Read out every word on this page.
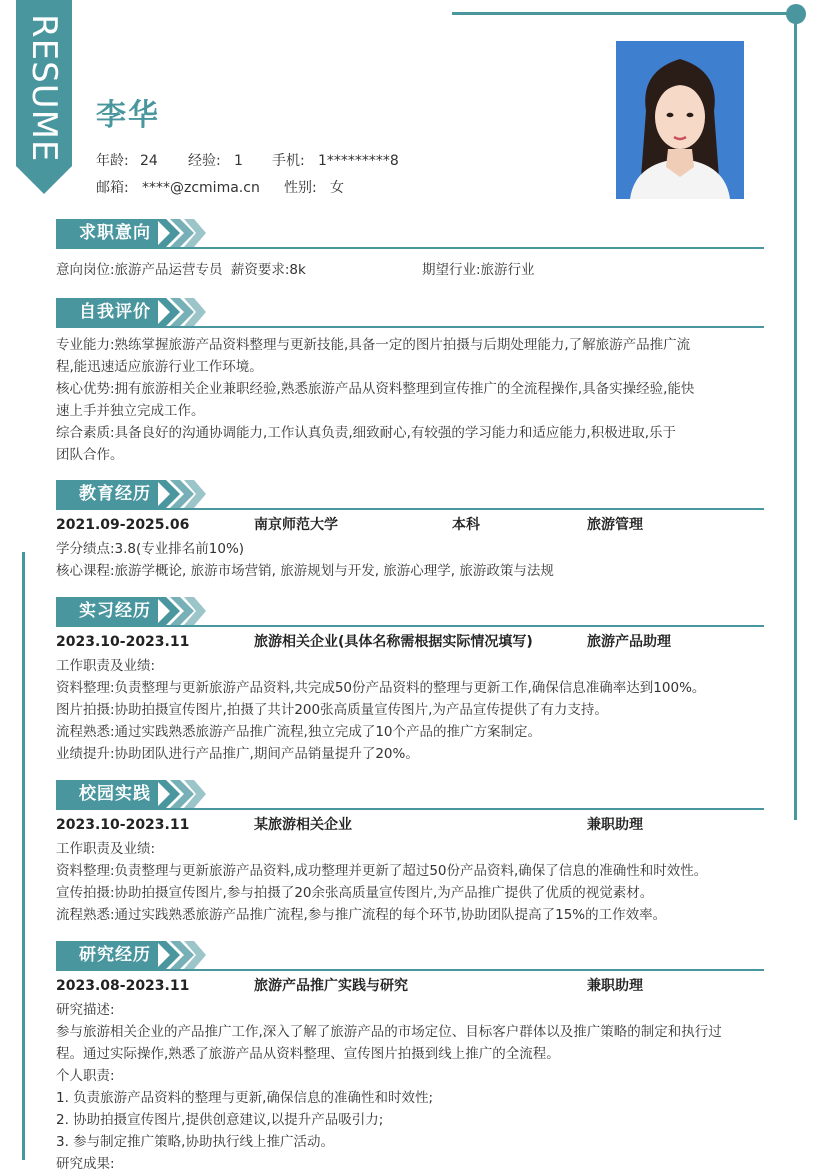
RESUME 李华
年龄: 24 经验: 1 手机: 1*********8
邮箱: ****@zcmima.cn 性别: 女
求职意向
意向岗位:旅游产品运营专员 薪资要求:8k	期望行业:旅游行业
自我评价
专业能力:熟练掌握旅游产品资料整理与更新技能,具备一定的图片拍摄与后期处理能力,了解旅游产品推广流
程,能迅速适应旅游行业工作环境。
核心优势:拥有旅游相关企业兼职经验,熟悉旅游产品从资料整理到宣传推广的全流程操作,具备实操经验,能快
速上手并独立完成工作。
综合素质:具备良好的沟通协调能力,工作认真负责,细致耐心,有较强的学习能力和适应能力,积极进取,乐于
团队合作。
教育经历
2021.09-2025.06	南京师范大学	本科	旅游管理
学分绩点:3.8(专业排名前10%)
核心课程:旅游学概论, 旅游市场营销, 旅游规划与开发, 旅游心理学, 旅游政策与法规
实习经历
2023.10-2023.11	旅游相关企业(具体名称需根据实际情况填写)	旅游产品助理
工作职责及业绩:
资料整理:负责整理与更新旅游产品资料,共完成50份产品资料的整理与更新工作,确保信息准确率达到100%。
图片拍摄:协助拍摄宣传图片,拍摄了共计200张高质量宣传图片,为产品宣传提供了有力支持。
流程熟悉:通过实践熟悉旅游产品推广流程,独立完成了10个产品的推广方案制定。
业绩提升:协助团队进行产品推广,期间产品销量提升了20%。
校园实践
2023.10-2023.11	某旅游相关企业	兼职助理
工作职责及业绩:
资料整理:负责整理与更新旅游产品资料,成功整理并更新了超过50份产品资料,确保了信息的准确性和时效性。
宣传拍摄:协助拍摄宣传图片,参与拍摄了20余张高质量宣传图片,为产品推广提供了优质的视觉素材。
流程熟悉:通过实践熟悉旅游产品推广流程,参与推广流程的每个环节,协助团队提高了15%的工作效率。
研究经历
2023.08-2023.11	旅游产品推广实践与研究	兼职助理
研究描述:
参与旅游相关企业的产品推广工作,深入了解了旅游产品的市场定位、目标客户群体以及推广策略的制定和执行过
程。通过实际操作,熟悉了旅游产品从资料整理、宣传图片拍摄到线上推广的全流程。
个人职责:
1. 负责旅游产品资料的整理与更新,确保信息的准确性和时效性;
2. 协助拍摄宣传图片,提供创意建议,以提升产品吸引力;
3. 参与制定推广策略,协助执行线上推广活动。
研究成果:
